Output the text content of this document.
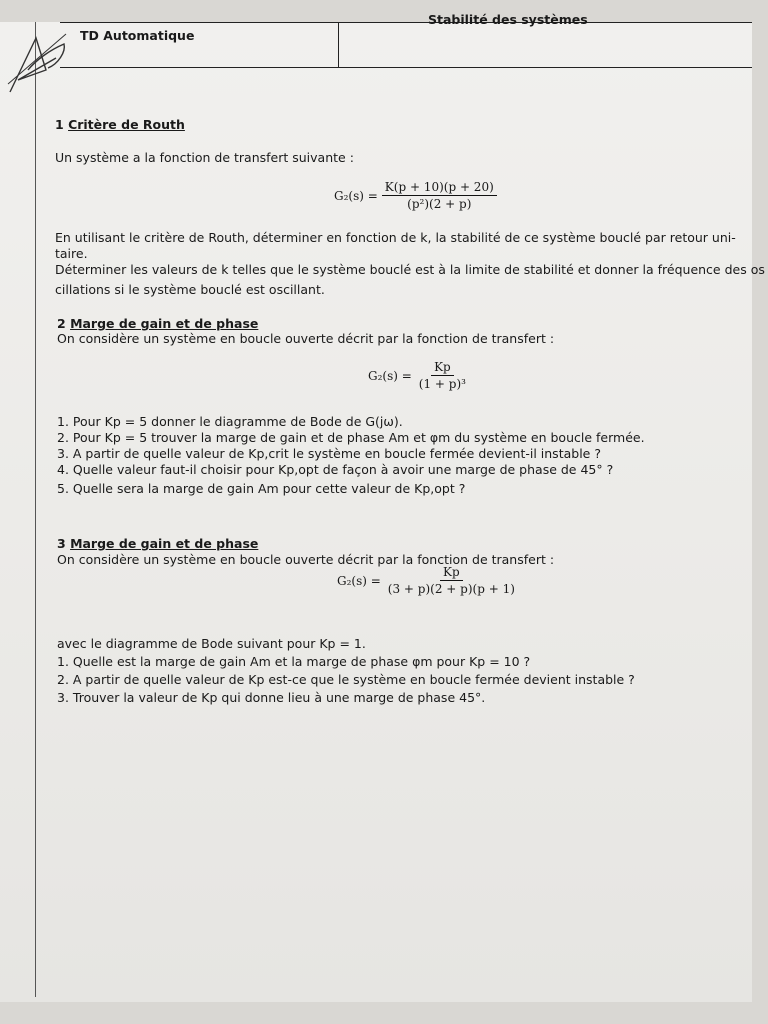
TD Automatique
Stabilité des systèmes
1 Critère de Routh
Un système a la fonction de transfert suivante :
$G_2(s) = \frac{K(p + 10)(p + 20)}{\text{(p²)(2 + p)}}$
En utilisant le critère de Routh, déterminer en fonction de k, la stabilité de ce système bouclé par retour uni-
taire.
Déterminer les valeurs de k telles que le système bouclé est à la limite de stabilité et donner la fréquence des os
cillations si le système bouclé est oscillant.
2 Marge de gain et de phase
On considère un système en boucle ouverte décrit par la fonction de transfert :
$G_2(s) = \frac{Kp}{\text{(1 + p)³}}$
1. Pour Kp = 5 donner le diagramme de Bode de G(jω).
2. Pour Kp = 5 trouver la marge de gain et de phase Am et φm du système en boucle fermée.
3. A partir de quelle valeur de Kp,crit le système en boucle fermée devient-il instable ?
4. Quelle valeur faut-il choisir pour Kp,opt de façon à avoir une marge de phase de 45° ?
5. Quelle sera la marge de gain Am pour cette valeur de Kp,opt ?
3 Marge de gain et de phase
On considère un système en boucle ouverte décrit par la fonction de transfert :
$G_2(s) = \frac{Kp}{(3 + p)(2 + p)(p + 1)}$
avec le diagramme de Bode suivant pour Kp = 1.
1. Quelle est la marge de gain Am et la marge de phase φm pour Kp = 10 ?
2. A partir de quelle valeur de Kp est-ce que le système en boucle fermée devient instable ?
3. Trouver la valeur de Kp qui donne lieu à une marge de phase 45°.
